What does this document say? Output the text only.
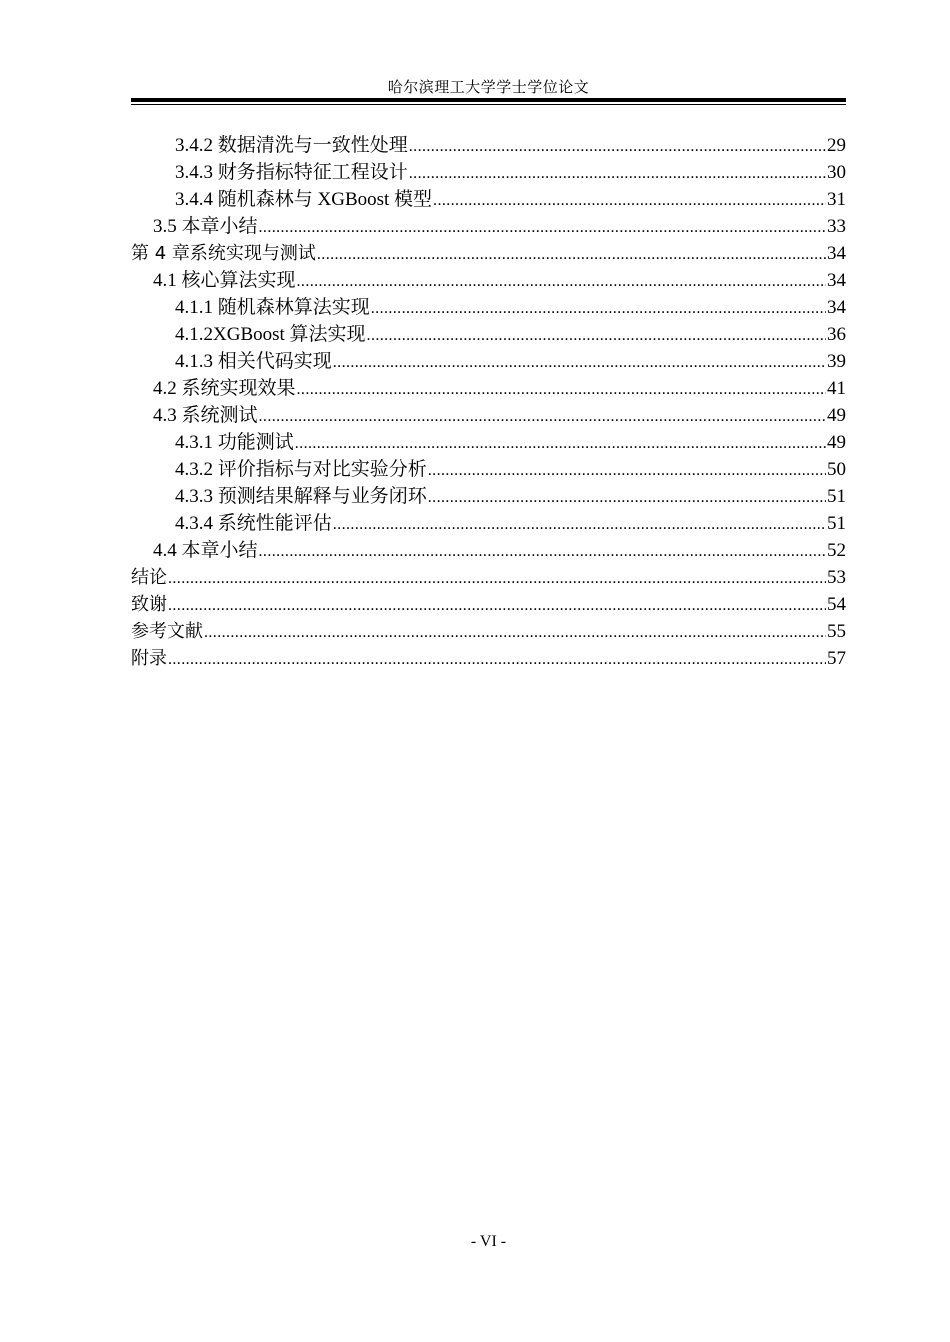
哈尔滨理工大学学士学位论文
3.4.2 数据清洗与一致性处理 .....	29
3.4.3 财务指标特征工程设计 .....	30
3.4.4 随机森林与 XGBoost 模型 .....	31
3.5 本章小结 .....	33
第 4 章系统实现与测试 .....	34
4.1 核心算法实现 .....	34
4.1.1 随机森林算法实现 .....	34
4.1.2XGBoost 算法实现 .....	36
4.1.3 相关代码实现 .....	39
4.2 系统实现效果 .....	41
4.3 系统测试 .....	49
4.3.1 功能测试 .....	49
4.3.2 评价指标与对比实验分析 .....	50
4.3.3 预测结果解释与业务闭环 .....	51
4.3.4 系统性能评估 .....	51
4.4 本章小结 .....	52
结论 .....	53
致谢 .....	54
参考文献 .....	55
附录 .....	57
- VI -
